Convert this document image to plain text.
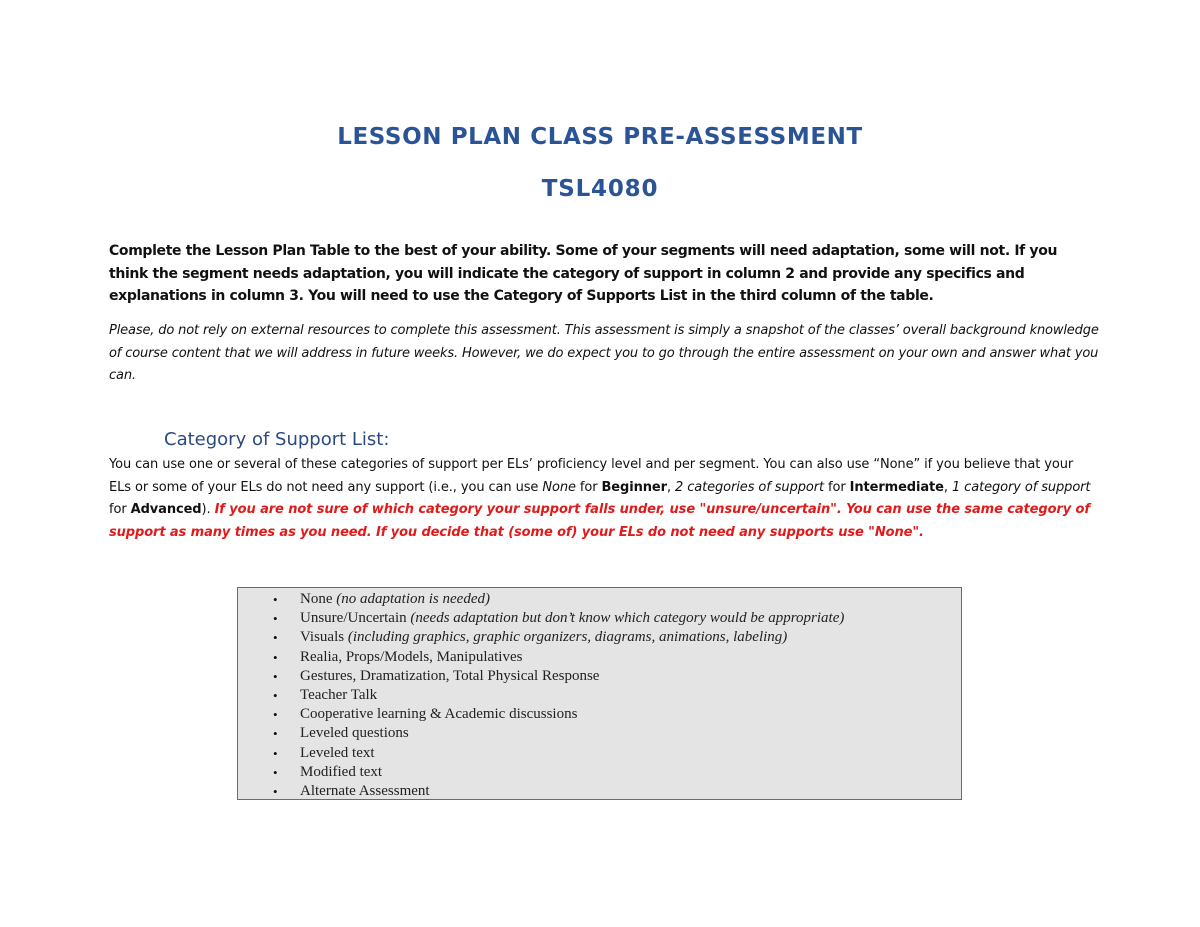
LESSON PLAN CLASS PRE-ASSESSMENT
TSL4080

Complete the Lesson Plan Table to the best of your ability. Some of your segments will need adaptation, some will not. If you think the segment needs adaptation, you will indicate the category of support in column 2 and provide any specifics and explanations in column 3. You will need to use the Category of Supports List in the third column of the table.

Please, do not rely on external resources to complete this assessment. This assessment is simply a snapshot of the classes’ overall background knowledge of course content that we will address in future weeks. However, we do expect you to go through the entire assessment on your own and answer what you can.

Category of Support List:

You can use one or several of these categories of support per ELs’ proficiency level and per segment. You can also use “None” if you believe that your ELs or some of your ELs do not need any support (i.e., you can use None for Beginner, 2 categories of support for Intermediate, 1 category of support for Advanced). If you are not sure of which category your support falls under, use "unsure/uncertain". You can use the same category of support as many times as you need. If you decide that (some of) your ELs do not need any supports use "None".

• None (no adaptation is needed)
• Unsure/Uncertain (needs adaptation but don’t know which category would be appropriate)
• Visuals (including graphics, graphic organizers, diagrams, animations, labeling)
• Realia, Props/Models, Manipulatives
• Gestures, Dramatization, Total Physical Response
• Teacher Talk
• Cooperative learning & Academic discussions
• Leveled questions
• Leveled text
• Modified text
• Alternate Assessment
